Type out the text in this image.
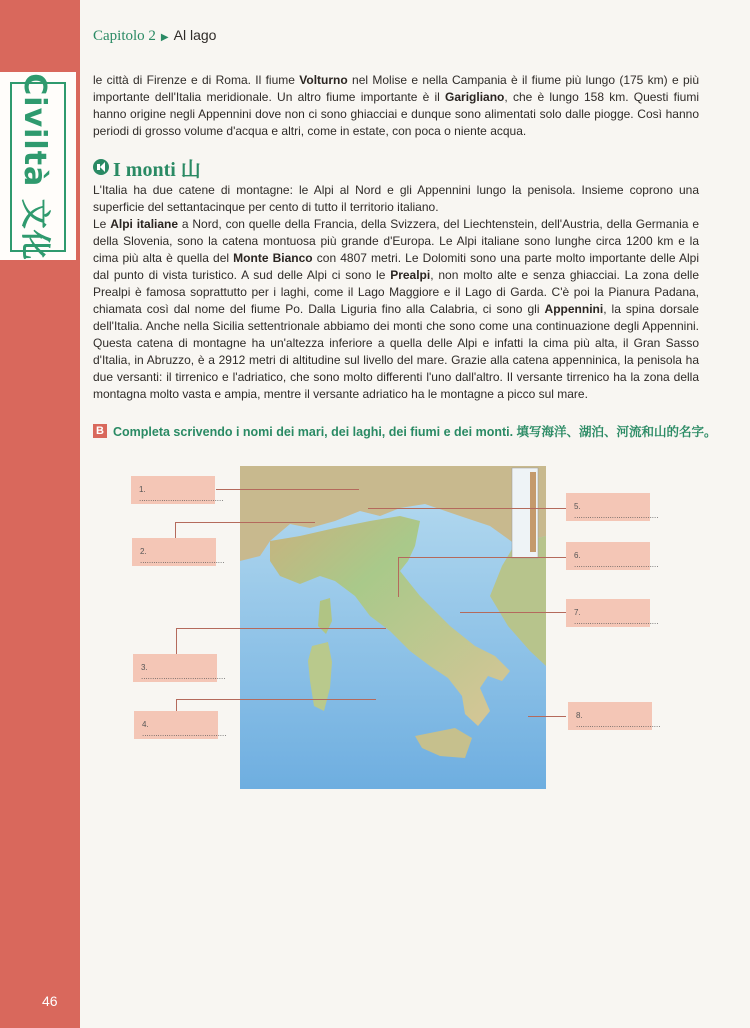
Civiltà 文化
46
Capitolo 2 ▶ Al lago
le città di Firenze e di Roma. Il fiume Volturno nel Molise e nella Campania è il fiume più lungo (175 km) e più importante dell'Italia meridionale. Un altro fiume importante è il Garigliano, che è lungo 158 km. Questi fiumi hanno origine negli Appennini dove non ci sono ghiacciai e dunque sono alimentati solo dalle piogge. Così hanno periodi di grosso volume d'acqua e altri, come in estate, con poca o niente acqua.
I monti 山
L'Italia ha due catene di montagne: le Alpi al Nord e gli Appennini lungo la penisola. Insieme coprono una superficie del settantacinque per cento di tutto il territorio italiano.
Le Alpi italiane a Nord, con quelle della Francia, della Svizzera, del Liechtenstein, dell'Austria, della Germania e della Slovenia, sono la catena montuosa più grande d'Europa. Le Alpi italiane sono lunghe circa 1200 km e la cima più alta è quella del Monte Bianco con 4807 metri. Le Dolomiti sono una parte molto importante delle Alpi dal punto di vista turistico. A sud delle Alpi ci sono le Prealpi, non molto alte e senza ghiacciai. La zona delle Prealpi è famosa soprattutto per i laghi, come il Lago Maggiore e il Lago di Garda. C'è poi la Pianura Padana, chiamata così dal nome del fiume Po. Dalla Liguria fino alla Calabria, ci sono gli Appennini, la spina dorsale dell'Italia. Anche nella Sicilia settentrionale abbiamo dei monti che sono come una continuazione degli Appennini. Questa catena di montagne ha un'altezza inferiore a quella delle Alpi e infatti la cima più alta, il Gran Sasso d'Italia, in Abruzzo, è a 2912 metri di altitudine sul livello del mare. Grazie alla catena appenninica, la penisola ha due versanti: il tirrenico e l'adriatico, che sono molto differenti l'uno dall'altro. Il versante tirrenico ha la zona della montagna molto vasta e ampia, mentre il versante adriatico ha le montagne a picco sul mare.
B Completa scrivendo i nomi dei mari, dei laghi, dei fiumi e dei monti. 填写海洋、湖泊、河流和山的名字。
1. ......................................
2. ......................................
3. ......................................
4. ......................................
5. ......................................
6. ......................................
7. ......................................
8. ......................................
